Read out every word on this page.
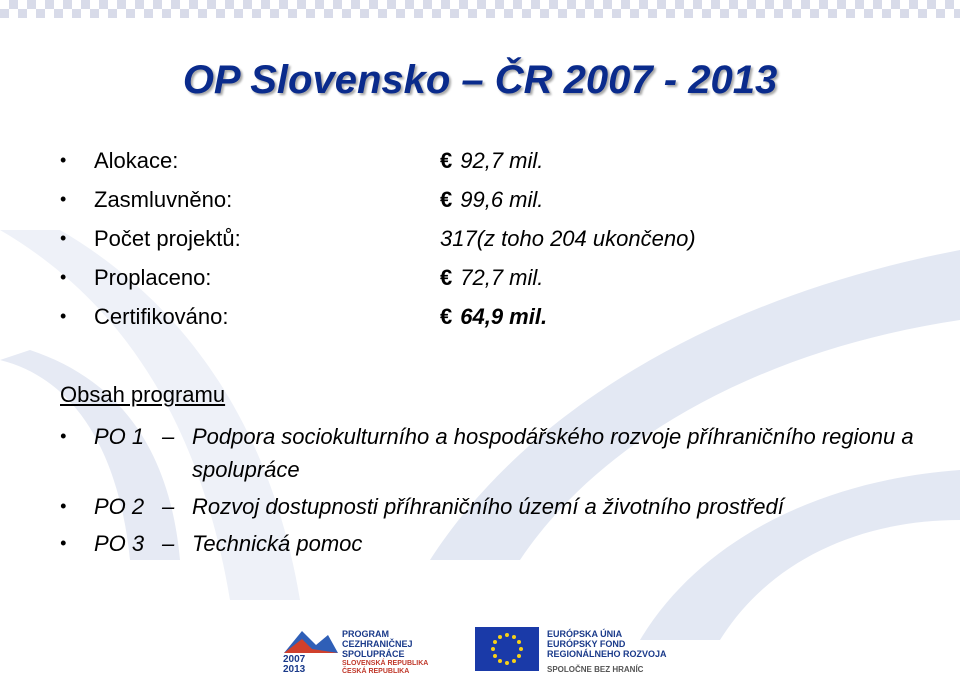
OP Slovensko – ČR 2007 - 2013
• Alokace:	€ 92,7 mil.
• Zasmluvněno:	€ 99,6 mil.
• Počet projektů:	317(z toho 204 ukončeno)
• Proplaceno:	€ 72,7 mil.
• Certifikováno:	€ 64,9 mil.
Obsah programu
• PO 1 – Podpora sociokulturního a hospodářského rozvoje příhraničního regionu a spolupráce
• PO 2 – Rozvoj dostupnosti příhraničního území a životního prostředí
• PO 3 – Technická pomoc
2007
2013
PROGRAM
CEZHRANIČNEJ
SPOLUPRÁCE
SLOVENSKÁ REPUBLIKA
ČESKÁ REPUBLIKA
EURÓPSKA ÚNIA
EURÓPSKY FOND
REGIONÁLNEHO ROZVOJA
SPOLOČNE BEZ HRANÍC
